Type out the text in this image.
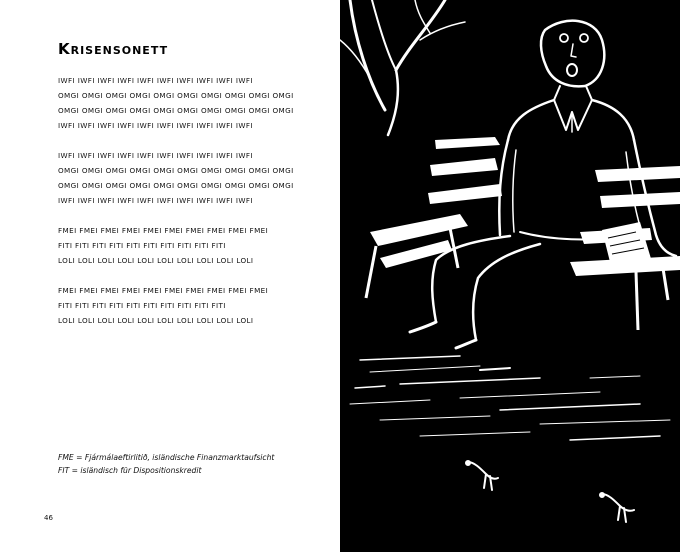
Krisensonett
IWFI IWFI IWFI IWFI IWFI IWFI IWFI IWFI IWFI IWFI
OMGI OMGI OMGI OMGI OMGI OMGI OMGI OMGI OMGI OMGI
OMGI OMGI OMGI OMGI OMGI OMGI OMGI OMGI OMGI OMGI
IWFI IWFI IWFI IWFI IWFI IWFI IWFI IWFI IWFI IWFI
IWFI IWFI IWFI IWFI IWFI IWFI IWFI IWFI IWFI IWFI
OMGI OMGI OMGI OMGI OMGI OMGI OMGI OMGI OMGI OMGI
OMGI OMGI OMGI OMGI OMGI OMGI OMGI OMGI OMGI OMGI
IWFI IWFI IWFI IWFI IWFI IWFI IWFI IWFI IWFI IWFI
FMEI FMEI FMEI FMEI FMEI FMEI FMEI FMEI FMEI FMEI
FITI FITI FITI FITI FITI FITI FITI FITI FITI FITI
LOLI LOLI LOLI LOLI LOLI LOLI LOLI LOLI LOLI LOLI
FMEI FMEI FMEI FMEI FMEI FMEI FMEI FMEI FMEI FMEI
FITI FITI FITI FITI FITI FITI FITI FITI FITI FITI
LOLI LOLI LOLI LOLI LOLI LOLI LOLI LOLI LOLI LOLI
FME = Fjármálaeftirlitið, isländische Finanzmarktaufsicht
FIT = isländisch für Dispositionskredit
46
